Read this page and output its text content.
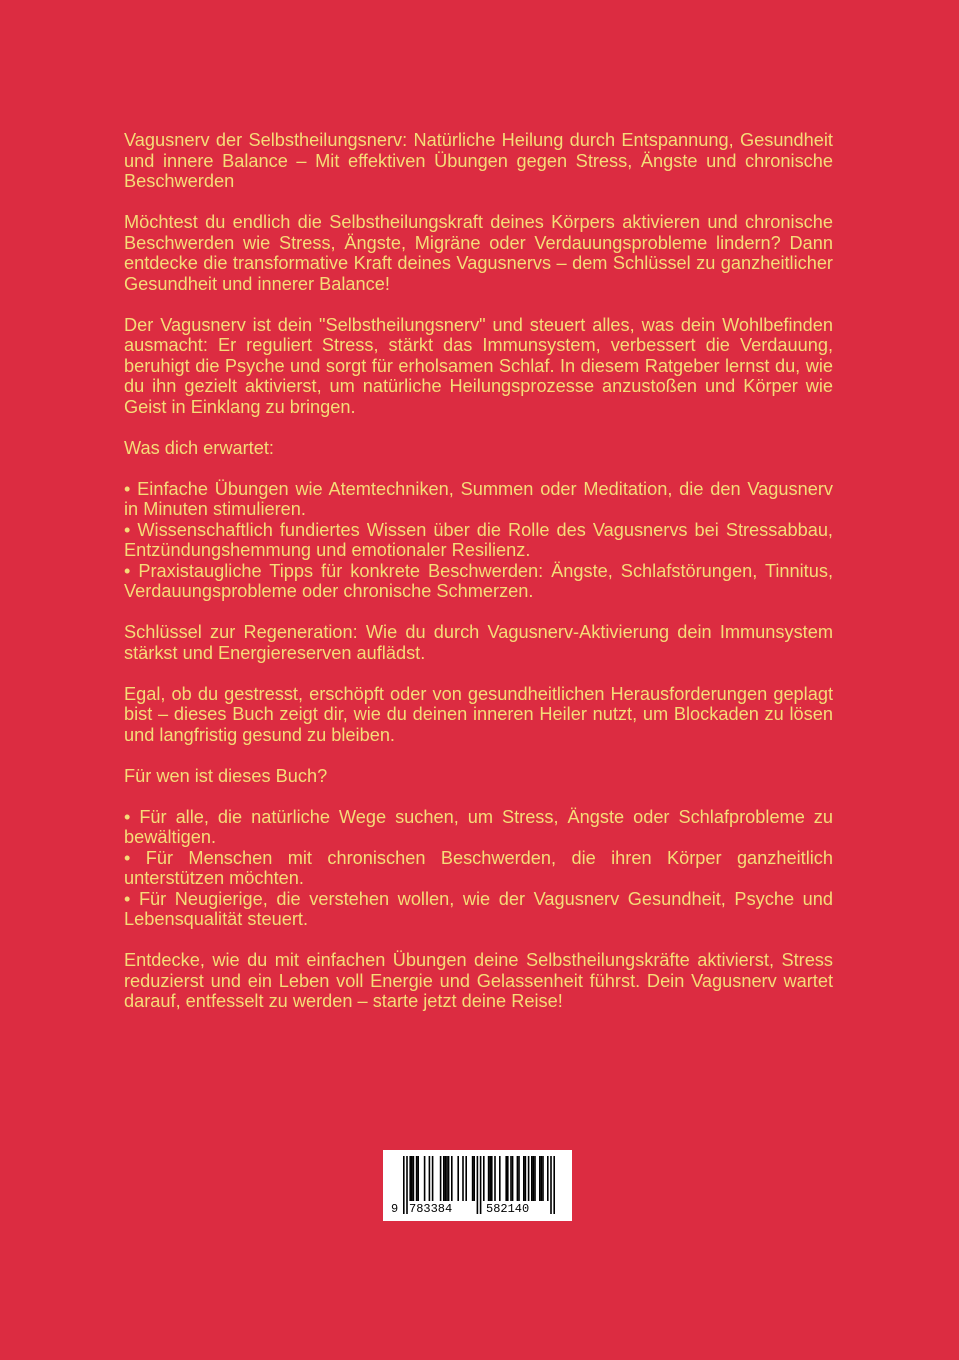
Vagusnerv der Selbstheilungsnerv: Natürliche Heilung durch Entspannung, Gesundheit und innere Balance – Mit effektiven Übungen gegen Stress, Ängste und chronische Beschwerden

Möchtest du endlich die Selbstheilungskraft deines Körpers aktivieren und chronische Beschwerden wie Stress, Ängste, Migräne oder Verdauungsprobleme lindern? Dann entdecke die transformative Kraft deines Vagusnervs – dem Schlüssel zu ganzheitlicher Gesundheit und innerer Balance!

Der Vagusnerv ist dein "Selbstheilungsnerv" und steuert alles, was dein Wohlbefinden ausmacht: Er reguliert Stress, stärkt das Immunsystem, verbessert die Verdauung, beruhigt die Psyche und sorgt für erholsamen Schlaf. In diesem Ratgeber lernst du, wie du ihn gezielt aktivierst, um natürliche Heilungsprozesse anzustoßen und Körper wie Geist in Einklang zu bringen.

Was dich erwartet:

• Einfache Übungen wie Atemtechniken, Summen oder Meditation, die den Vagusnerv in Minuten stimulieren.
• Wissenschaftlich fundiertes Wissen über die Rolle des Vagusnervs bei Stressabbau, Entzündungshemmung und emotionaler Resilienz.
• Praxistaugliche Tipps für konkrete Beschwerden: Ängste, Schlafstörungen, Tinnitus, Verdauungsprobleme oder chronische Schmerzen.

Schlüssel zur Regeneration: Wie du durch Vagusnerv-Aktivierung dein Immunsystem stärkst und Energiereserven auflädst.

Egal, ob du gestresst, erschöpft oder von gesundheitlichen Herausforderungen geplagt bist – dieses Buch zeigt dir, wie du deinen inneren Heiler nutzt, um Blockaden zu lösen und langfristig gesund zu bleiben.

Für wen ist dieses Buch?

• Für alle, die natürliche Wege suchen, um Stress, Ängste oder Schlafprobleme zu bewältigen.
• Für Menschen mit chronischen Beschwerden, die ihren Körper ganzheitlich unterstützen möchten.
• Für Neugierige, die verstehen wollen, wie der Vagusnerv Gesundheit, Psyche und Lebensqualität steuert.

Entdecke, wie du mit einfachen Übungen deine Selbstheilungskräfte aktivierst, Stress reduzierst und ein Leben voll Energie und Gelassenheit führst. Dein Vagusnerv wartet darauf, entfesselt zu werden – starte jetzt deine Reise!

9 783384	582140
